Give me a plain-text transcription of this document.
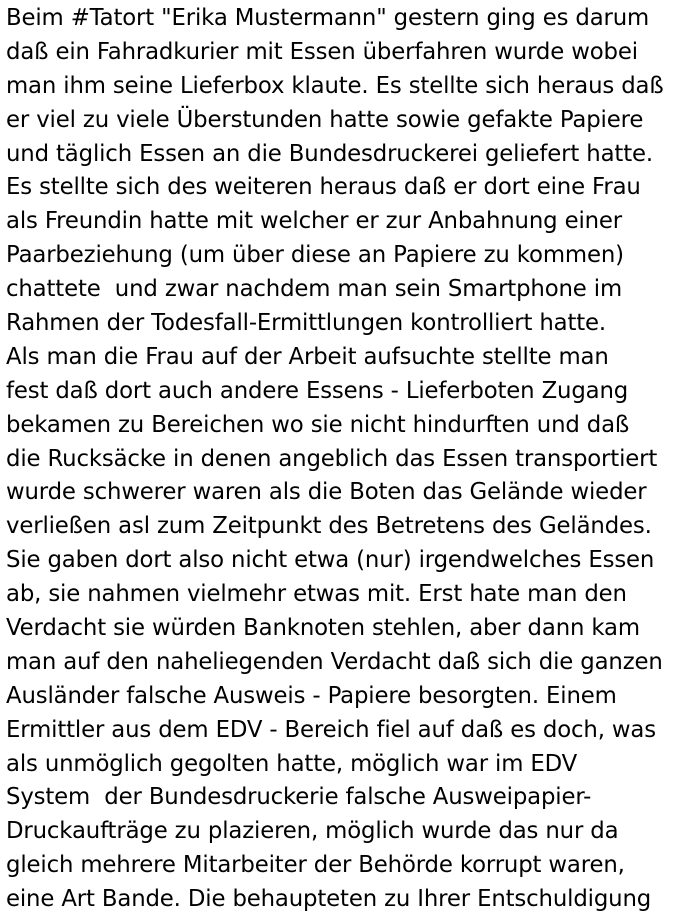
Beim #Tatort "Erika Mustermann" gestern ging es darum
daß ein Fahradkurier mit Essen überfahren wurde wobei
man ihm seine Lieferbox klaute. Es stellte sich heraus daß
er viel zu viele Überstunden hatte sowie gefakte Papiere
und täglich Essen an die Bundesdruckerei geliefert hatte.
Es stellte sich des weiteren heraus daß er dort eine Frau
als Freundin hatte mit welcher er zur Anbahnung einer
Paarbeziehung (um über diese an Papiere zu kommen)
chattete  und zwar nachdem man sein Smartphone im
Rahmen der Todesfall-Ermittlungen kontrolliert hatte.
Als man die Frau auf der Arbeit aufsuchte stellte man
fest daß dort auch andere Essens - Lieferboten Zugang
bekamen zu Bereichen wo sie nicht hindurften und daß
die Rucksäcke in denen angeblich das Essen transportiert
wurde schwerer waren als die Boten das Gelände wieder
verließen asl zum Zeitpunkt des Betretens des Geländes.
Sie gaben dort also nicht etwa (nur) irgendwelches Essen
ab, sie nahmen vielmehr etwas mit. Erst hate man den
Verdacht sie würden Banknoten stehlen, aber dann kam
man auf den naheliegenden Verdacht daß sich die ganzen
Ausländer falsche Ausweis - Papiere besorgten. Einem
Ermittler aus dem EDV - Bereich fiel auf daß es doch, was
als unmöglich gegolten hatte, möglich war im EDV
System  der Bundesdruckerie falsche Ausweipapier-
Druckaufträge zu plazieren, möglich wurde das nur da
gleich mehrere Mitarbeiter der Behörde korrupt waren,
eine Art Bande. Die behaupteten zu Ihrer Entschuldigung
